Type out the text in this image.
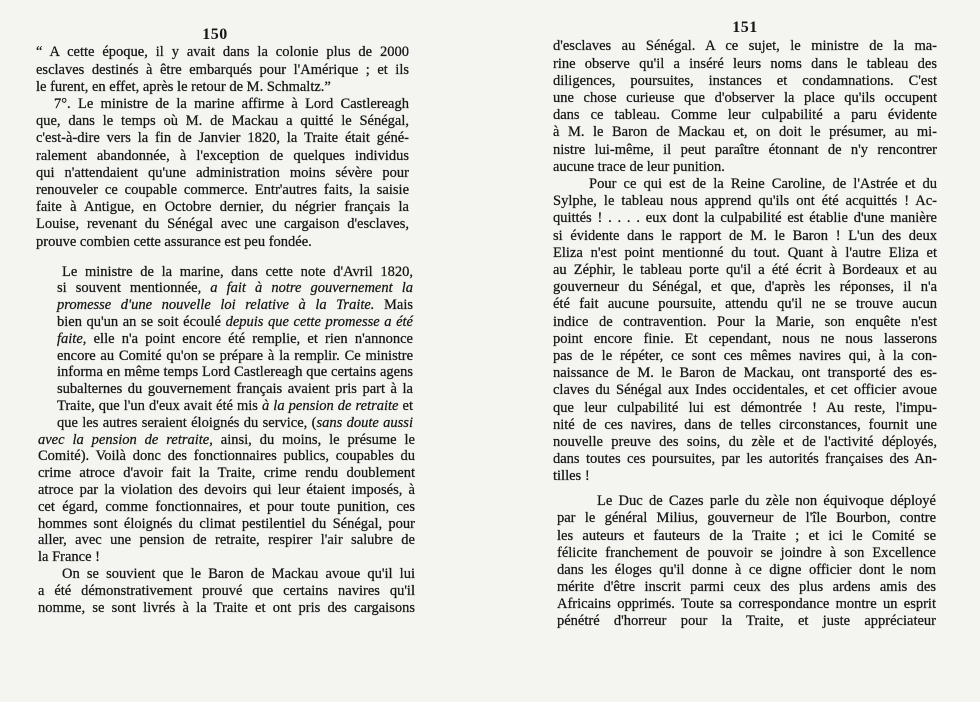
150
“ A cette époque, il y avait dans la colonie plus de 2000
esclaves destinés à être embarqués pour l'Amérique ; et ils
le furent, en effet, après le retour de M. Schmaltz.”
7°. Le ministre de la marine affirme à Lord Castlereagh
que, dans le temps où M. de Mackau a quitté le Sénégal,
c'est-à-dire vers la fin de Janvier 1820, la Traite était géné-
ralement abandonnée, à l'exception de quelques individus
qui n'attendaient qu'une administration moins sévère pour
renouveler ce coupable commerce. Entr'autres faits, la saisie
faite à Antigue, en Octobre dernier, du négrier français la
Louise, revenant du Sénégal avec une cargaison d'esclaves,
prouve combien cette assurance est peu fondée.
Le ministre de la marine, dans cette note d'Avril 1820,
si souvent mentionnée, a fait à notre gouvernement la
promesse d'une nouvelle loi relative à la Traite. Mais
bien qu'un an se soit écoulé depuis que cette promesse a été
faite, elle n'a point encore été remplie, et rien n'annonce
encore au Comité qu'on se prépare à la remplir. Ce ministre
informa en même temps Lord Castlereagh que certains agens
subalternes du gouvernement français avaient pris part à la
Traite, que l'un d'eux avait été mis à la pension de retraite et
que les autres seraient éloignés du service, (sans doute aussi
avec la pension de retraite, ainsi, du moins, le présume le
Comité). Voilà donc des fonctionnaires publics, coupables du
crime atroce d'avoir fait la Traite, crime rendu doublement
atroce par la violation des devoirs qui leur étaient imposés, à
cet égard, comme fonctionnaires, et pour toute punition, ces
hommes sont éloignés du climat pestilentiel du Sénégal, pour
aller, avec une pension de retraite, respirer l'air salubre de
la France !
On se souvient que le Baron de Mackau avoue qu'il lui
a été démonstrativement prouvé que certains navires qu'il
nomme, se sont livrés à la Traite et ont pris des cargaisons
151
d'esclaves au Sénégal. A ce sujet, le ministre de la ma-
rine observe qu'il a inséré leurs noms dans le tableau des
diligences, poursuites, instances et condamnations. C'est
une chose curieuse que d'observer la place qu'ils occupent
dans ce tableau. Comme leur culpabilité a paru évidente
à M. le Baron de Mackau et, on doit le présumer, au mi-
nistre lui-même, il peut paraître étonnant de n'y rencontrer
aucune trace de leur punition.
Pour ce qui est de la Reine Caroline, de l'Astrée et du
Sylphe, le tableau nous apprend qu'ils ont été acquittés ! Ac-
quittés ! . . . . eux dont la culpabilité est établie d'une manière
si évidente dans le rapport de M. le Baron ! L'un des deux
Eliza n'est point mentionné du tout. Quant à l'autre Eliza et
au Zéphir, le tableau porte qu'il a été écrit à Bordeaux et au
gouverneur du Sénégal, et que, d'après les réponses, il n'a
été fait aucune poursuite, attendu qu'il ne se trouve aucun
indice de contravention. Pour la Marie, son enquête n'est
point encore finie. Et cependant, nous ne nous lasserons
pas de le répéter, ce sont ces mêmes navires qui, à la con-
naissance de M. le Baron de Mackau, ont transporté des es-
claves du Sénégal aux Indes occidentales, et cet officier avoue
que leur culpabilité lui est démontrée ! Au reste, l'impu-
nité de ces navires, dans de telles circonstances, fournit une
nouvelle preuve des soins, du zèle et de l'activité déployés,
dans toutes ces poursuites, par les autorités françaises des An-
tilles !
Le Duc de Cazes parle du zèle non équivoque déployé
par le général Milius, gouverneur de l'île Bourbon, contre
les auteurs et fauteurs de la Traite ; et ici le Comité se
félicite franchement de pouvoir se joindre à son Excellence
dans les éloges qu'il donne à ce digne officier dont le nom
mérite d'être inscrit parmi ceux des plus ardens amis des
Africains opprimés. Toute sa correspondance montre un esprit
pénétré d'horreur pour la Traite, et juste appréciateur
